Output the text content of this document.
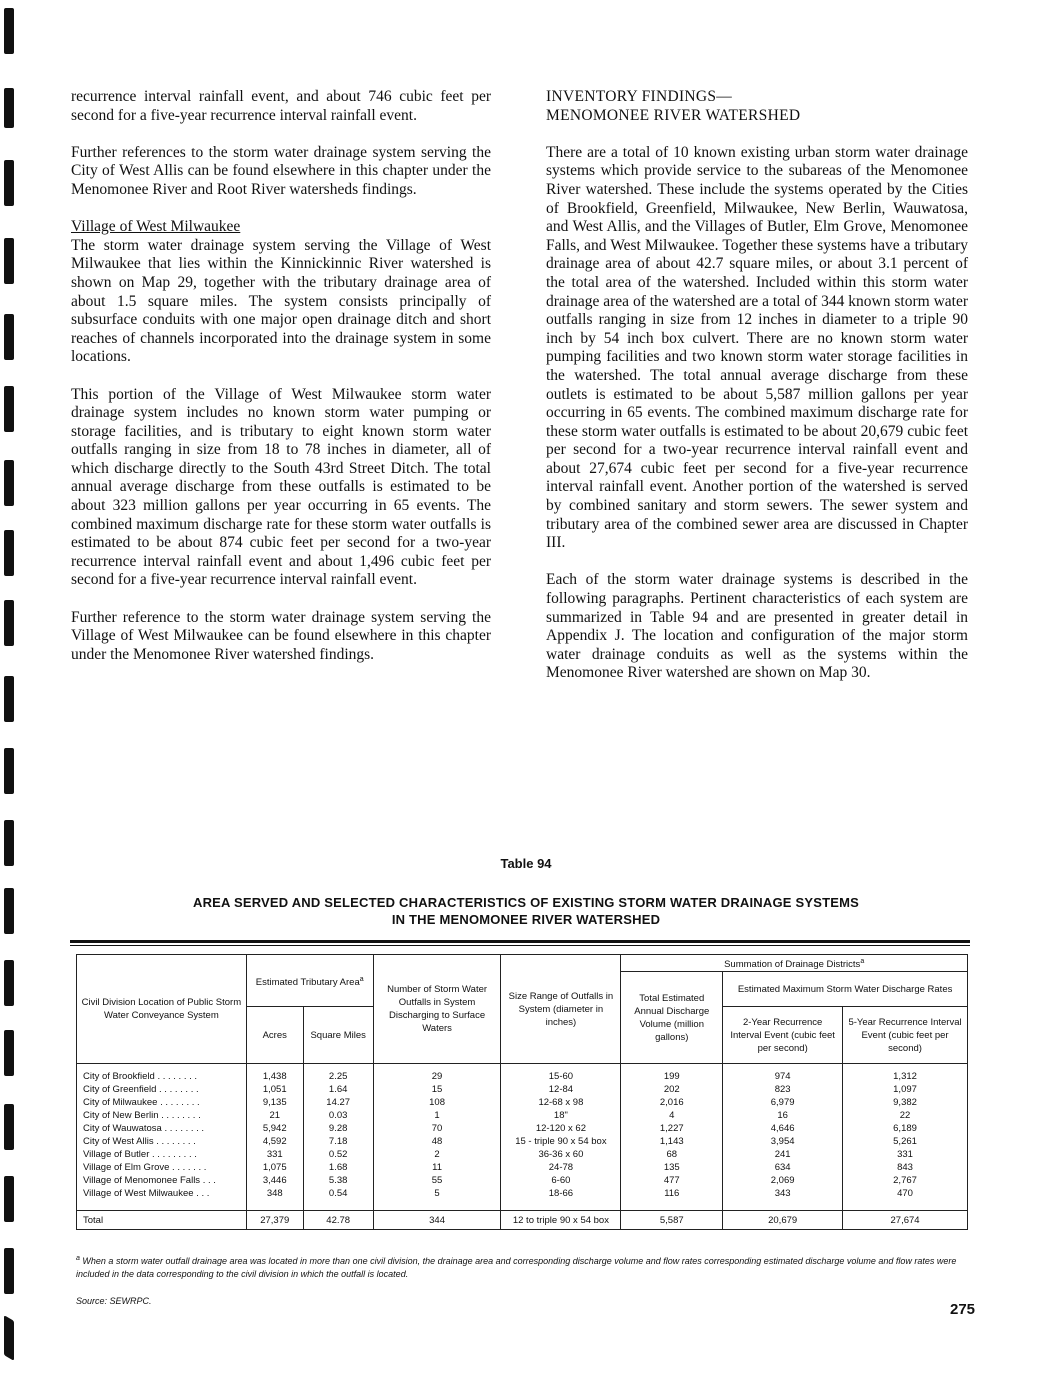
recurrence interval rainfall event, and about 746 cubic feet per second for a five-year recurrence interval rainfall event.

Further references to the storm water drainage system serving the City of West Allis can be found elsewhere in this chapter under the Menomonee River and Root River watersheds findings.

Village of West Milwaukee

The storm water drainage system serving the Village of West Milwaukee that lies within the Kinnickinnic River watershed is shown on Map 29, together with the tributary drainage area of about 1.5 square miles. The system consists principally of subsurface conduits with one major open drainage ditch and short reaches of channels incorporated into the drainage system in some locations.

This portion of the Village of West Milwaukee storm water drainage system includes no known storm water pumping or storage facilities, and is tributary to eight known storm water outfalls ranging in size from 18 to 78 inches in diameter, all of which discharge directly to the South 43rd Street Ditch. The total annual average discharge from these outfalls is estimated to be about 323 million gallons per year occurring in 65 events. The combined maximum discharge rate for these storm water outfalls is estimated to be about 874 cubic feet per second for a two-year recurrence interval rainfall event and about 1,496 cubic feet per second for a five-year recurrence interval rainfall event.

Further reference to the storm water drainage system serving the Village of West Milwaukee can be found elsewhere in this chapter under the Menomonee River watershed findings.

INVENTORY FINDINGS—
MENOMONEE RIVER WATERSHED

There are a total of 10 known existing urban storm water drainage systems which provide service to the subareas of the Menomonee River watershed. These include the systems operated by the Cities of Brookfield, Greenfield, Milwaukee, New Berlin, Wauwatosa, and West Allis, and the Villages of Butler, Elm Grove, Menomonee Falls, and West Milwaukee. Together these systems have a tributary drainage area of about 42.7 square miles, or about 3.1 percent of the total area of the watershed. Included within this storm water drainage area of the watershed are a total of 344 known storm water outfalls ranging in size from 12 inches in diameter to a triple 90 inch by 54 inch box culvert. There are no known storm water pumping facilities and two known storm water storage facilities in the watershed. The total annual average discharge from these outlets is estimated to be about 5,587 million gallons per year occurring in 65 events. The combined maximum discharge rate for these storm water outfalls is estimated to be about 20,679 cubic feet per second for a two-year recurrence interval rainfall event and about 27,674 cubic feet per second for a five-year recurrence interval rainfall event. Another portion of the watershed is served by combined sanitary and storm sewers. The sewer system and tributary area of the combined sewer area are discussed in Chapter III.

Each of the storm water drainage systems is described in the following paragraphs. Pertinent characteristics of each system are summarized in Table 94 and are presented in greater detail in Appendix J. The location and configuration of the major storm water drainage conduits as well as the systems within the Menomonee River watershed are shown on Map 30.

Table 94
AREA SERVED AND SELECTED CHARACTERISTICS OF EXISTING STORM WATER DRAINAGE SYSTEMS
IN THE MENOMONEE RIVER WATERSHED
Civil Division Location of Public Storm Water Conveyance System	Estimated Tributary Area$^a$		Number of Storm Water Outfalls in System Discharging to Surface Waters	Size Range of Outfalls in System (diameter in inches)	Summation of Drainage Districts$^a$
					Total Estimated Annual Discharge Volume (million gallons)	Estimated Maximum Storm Water Discharge Rates	
						2-Year Recurrence Interval Event (cubic feet per second)	5-Year Recurrence Interval Event (cubic feet per second)
	Acres	Square Miles					
City of Brookfield . . . . . . . .	1,438	2.25	29	15-60	199	974	1,312
City of Greenfield . . . . . . . .	1,051	1.64	15	12-84	202	823	1,097
City of Milwaukee . . . . . . . .	9,135	14.27	108	12-68 x 98	2,016	6,979	9,382
City of New Berlin . . . . . . . .	21	0.03	1	18"	4	16	22
City of Wauwatosa . . . . . . . .	5,942	9.28	70	12-120 x 62	1,227	4,646	6,189
City of West Allis . . . . . . . .	4,592	7.18	48	15 - triple 90 x 54 box	1,143	3,954	5,261
Village of Butler . . . . . . . . .	331	0.52	2	36-36 x 60	68	241	331
Village of Elm Grove . . . . . . .	1,075	1.68	11	24-78	135	634	843
Village of Menomonee Falls . . .	3,446	5.38	55	6-60	477	2,069	2,767
Village of West Milwaukee . . .	348	0.54	5	18-66	116	343	470
Total	27,379	42.78	344	12 to triple 90 x 54 box	5,587	20,679	27,674
$^a$ When a storm water outfall drainage area was located in more than one civil division, the drainage area and corresponding discharge volume and flow rates corresponding estimated discharge volume and flow rates were included in the data corresponding to the civil division in which the outfall is located.
Source: SEWRPC.	275
